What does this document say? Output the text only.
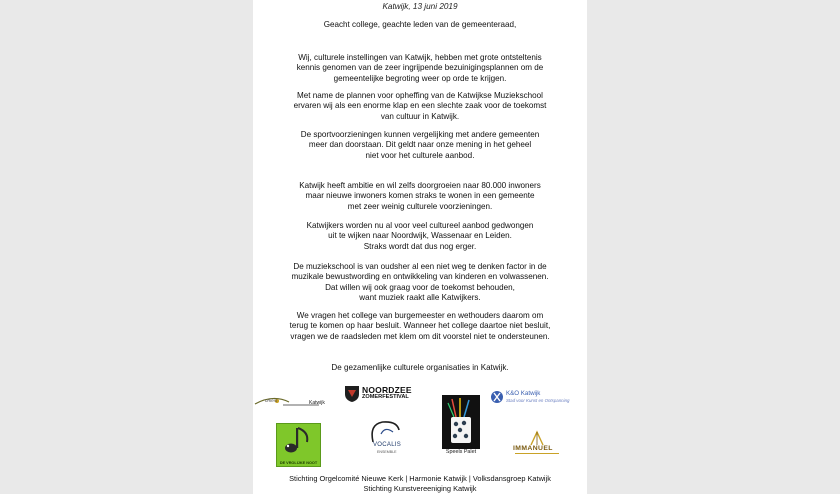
Katwijk, 13 juni 2019
Geacht college, geachte leden van de gemeenteraad,
Wij, culturele instellingen van Katwijk, hebben met grote ontsteltenis
kennis genomen van de zeer ingrijpende bezuinigingsplannen om de
gemeentelijke begroting weer op orde te krijgen.
Met name de plannen voor opheffing van de Katwijkse Muziekschool
ervaren wij als een enorme klap en een slechte zaak voor de toekomst
van cultuur in Katwijk.
De sportvoorzieningen kunnen vergelijking met andere gemeenten
meer dan doorstaan. Dit geldt naar onze mening in het geheel
niet voor het culturele aanbod.
Katwijk heeft ambitie en wil zelfs doorgroeien naar 80.000 inwoners
maar nieuwe inwoners komen straks te wonen in een gemeente
met zeer weinig culturele voorzieningen.
Katwijkers worden nu al voor veel cultureel aanbod gedwongen
uit te wijken naar Noordwijk, Wassenaar en Leiden.
Straks wordt dat dus nog erger.
De muziekschool is van oudsher al een niet weg te denken factor in de
muzikale bewustwording en ontwikkeling van kinderen en volwassenen.
Dat willen wij ook graag voor de toekomst behouden,
want muziek raakt alle Katwijkers.
We vragen het college van burgemeester en wethouders daarom om
terug te komen op haar besluit. Wanneer het college daartoe niet besluit,
vragen we de raadsleden met klem om dit voorstel niet te ondersteunen.
De gezamenlijke culturele organisaties in Katwijk.
orkest	Katwijk
NOORDZEE
ZOMERFESTIVAL	K&O Katwijk
Stad voor Kunst en Ontspanning
Speels Palet
DE VROLIJKE NOOT
VOCALIS
ENSEMBLE	IMMANUEL
Stichting Orgelcomité Nieuwe Kerk | Harmonie Katwijk | Volksdansgroep Katwijk
Stichting Kunstvereeniging Katwijk
